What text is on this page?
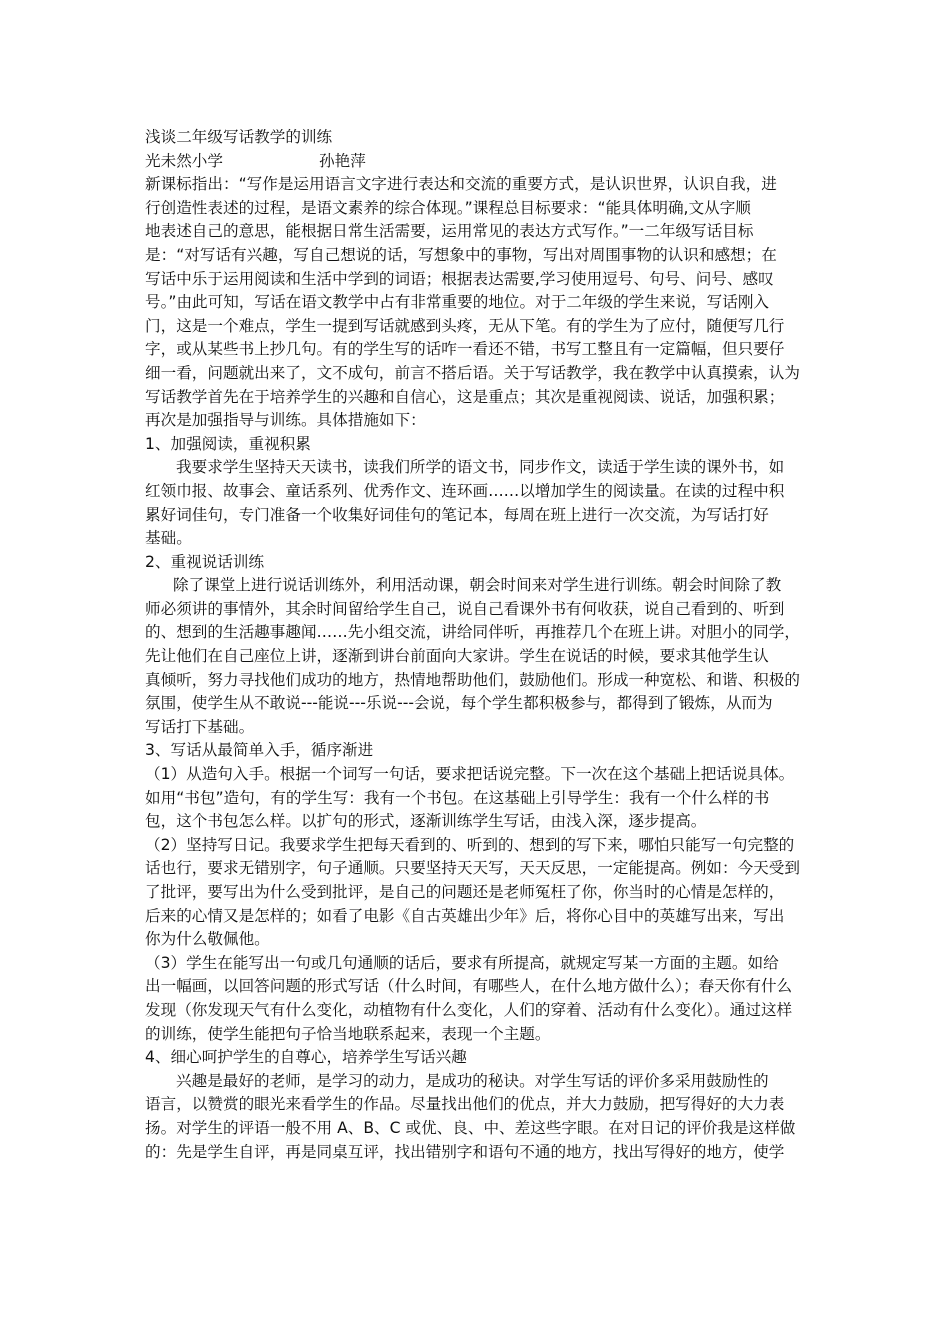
浅谈二年级写话教学的训练
光未然小学	孙艳萍
新课标指出：“写作是运用语言文字进行表达和交流的重要方式，是认识世界，认识自我，进
行创造性表述的过程，是语文素养的综合体现。”课程总目标要求：“能具体明确,文从字顺
地表述自己的意思，能根据日常生活需要，运用常见的表达方式写作。”一二年级写话目标
是：“对写话有兴趣，写自己想说的话，写想象中的事物，写出对周围事物的认识和感想；在
写话中乐于运用阅读和生活中学到的词语；根据表达需要,学习使用逗号、句号、问号、感叹
号。”由此可知，写话在语文教学中占有非常重要的地位。对于二年级的学生来说，写话刚入
门，这是一个难点，学生一提到写话就感到头疼，无从下笔。有的学生为了应付，随便写几行
字，或从某些书上抄几句。有的学生写的话咋一看还不错，书写工整且有一定篇幅，但只要仔
细一看，问题就出来了，文不成句，前言不搭后语。关于写话教学，我在教学中认真摸索，认为
写话教学首先在于培养学生的兴趣和自信心，这是重点；其次是重视阅读、说话，加强积累；
再次是加强指导与训练。具体措施如下：
1、加强阅读，重视积累
我要求学生坚持天天读书，读我们所学的语文书，同步作文，读适于学生读的课外书，如
红领巾报、故事会、童话系列、优秀作文、连环画……以增加学生的阅读量。在读的过程中积
累好词佳句，专门准备一个收集好词佳句的笔记本，每周在班上进行一次交流，为写话打好
基础。
2、重视说话训练
除了课堂上进行说话训练外，利用活动课，朝会时间来对学生进行训练。朝会时间除了教
师必须讲的事情外，其余时间留给学生自己，说自己看课外书有何收获，说自己看到的、听到
的、想到的生活趣事趣闻……先小组交流，讲给同伴听，再推荐几个在班上讲。对胆小的同学，
先让他们在自己座位上讲，逐渐到讲台前面向大家讲。学生在说话的时候，要求其他学生认
真倾听，努力寻找他们成功的地方，热情地帮助他们，鼓励他们。形成一种宽松、和谐、积极的
氛围，使学生从不敢说---能说---乐说---会说，每个学生都积极参与，都得到了锻炼，从而为
写话打下基础。
3、写话从最简单入手，循序渐进
（1）从造句入手。根据一个词写一句话，要求把话说完整。下一次在这个基础上把话说具体。
如用“书包”造句，有的学生写：我有一个书包。在这基础上引导学生：我有一个什么样的书
包，这个书包怎么样。以扩句的形式，逐渐训练学生写话，由浅入深，逐步提高。
（2）坚持写日记。我要求学生把每天看到的、听到的、想到的写下来，哪怕只能写一句完整的
话也行，要求无错别字，句子通顺。只要坚持天天写，天天反思，一定能提高。例如：今天受到
了批评，要写出为什么受到批评，是自己的问题还是老师冤枉了你，你当时的心情是怎样的，
后来的心情又是怎样的；如看了电影《自古英雄出少年》后，将你心目中的英雄写出来，写出
你为什么敬佩他。
（3）学生在能写出一句或几句通顺的话后，要求有所提高，就规定写某一方面的主题。如给
出一幅画，以回答问题的形式写话（什么时间，有哪些人，在什么地方做什么）；春天你有什么
发现（你发现天气有什么变化，动植物有什么变化，人们的穿着、活动有什么变化）。通过这样
的训练，使学生能把句子恰当地联系起来，表现一个主题。
4、细心呵护学生的自尊心，培养学生写话兴趣
兴趣是最好的老师，是学习的动力，是成功的秘诀。对学生写话的评价多采用鼓励性的
语言，以赞赏的眼光来看学生的作品。尽量找出他们的优点，并大力鼓励，把写得好的大力表
扬。对学生的评语一般不用 A、B、C 或优、良、中、差这些字眼。在对日记的评价我是这样做
的：先是学生自评，再是同桌互评，找出错别字和语句不通的地方，找出写得好的地方，使学
